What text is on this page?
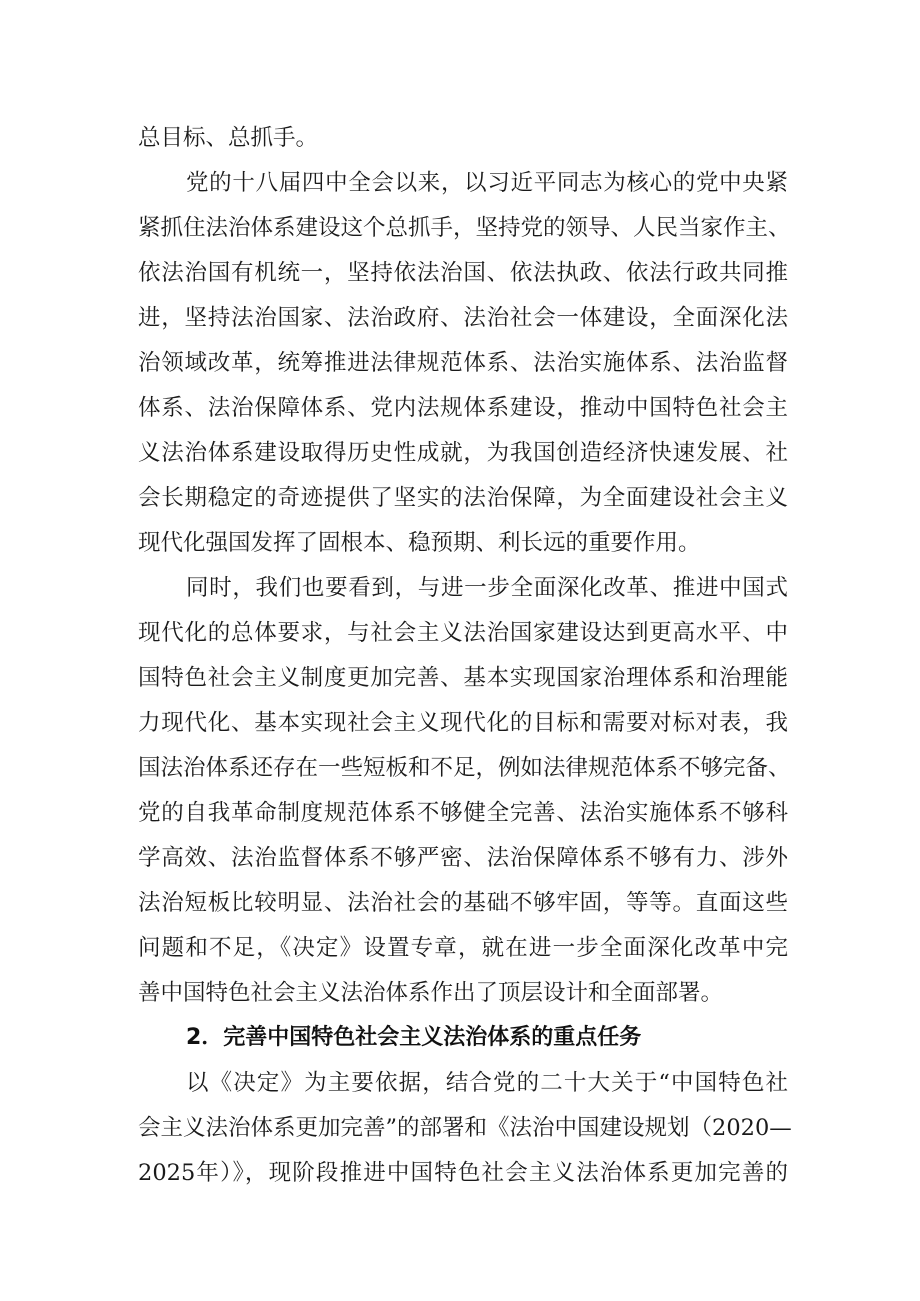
总目标、总抓手。
党的十八届四中全会以来，以习近平同志为核心的党中央紧
紧抓住法治体系建设这个总抓手，坚持党的领导、人民当家作主、
依法治国有机统一，坚持依法治国、依法执政、依法行政共同推
进，坚持法治国家、法治政府、法治社会一体建设，全面深化法
治领域改革，统筹推进法律规范体系、法治实施体系、法治监督
体系、法治保障体系、党内法规体系建设，推动中国特色社会主
义法治体系建设取得历史性成就，为我国创造经济快速发展、社
会长期稳定的奇迹提供了坚实的法治保障，为全面建设社会主义
现代化强国发挥了固根本、稳预期、利长远的重要作用。
同时，我们也要看到，与进一步全面深化改革、推进中国式
现代化的总体要求，与社会主义法治国家建设达到更高水平、中
国特色社会主义制度更加完善、基本实现国家治理体系和治理能
力现代化、基本实现社会主义现代化的目标和需要对标对表，我
国法治体系还存在一些短板和不足，例如法律规范体系不够完备、
党的自我革命制度规范体系不够健全完善、法治实施体系不够科
学高效、法治监督体系不够严密、法治保障体系不够有力、涉外
法治短板比较明显、法治社会的基础不够牢固，等等。直面这些
问题和不足，《决定》设置专章，就在进一步全面深化改革中完
善中国特色社会主义法治体系作出了顶层设计和全面部署。
2．完善中国特色社会主义法治体系的重点任务
以《决定》为主要依据，结合党的二十大关于“中国特色社
会主义法治体系更加完善”的部署和《法治中国建设规划（2020—
2025年）》，现阶段推进中国特色社会主义法治体系更加完善的
